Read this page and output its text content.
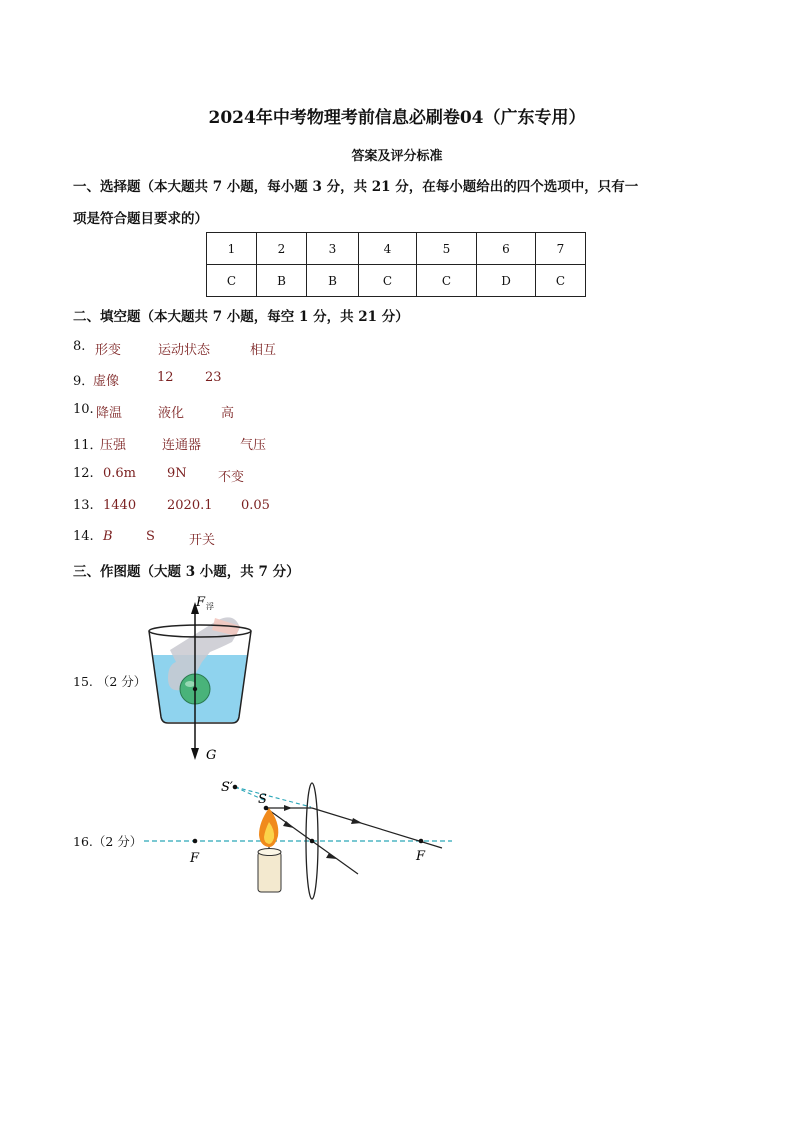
2024年中考物理考前信息必刷卷04（广东专用）
答案及评分标准
一、选择题（本大题共 7 小题，每小题 3 分，共 21 分，在每小题给出的四个选项中，只有一
项是符合题目要求的）
1	2	3	4	5	6	7
C	B	B	C	C	D	C
二、填空题（本大题共 7 小题，每空 1 分，共 21 分）
8. 形变	运动状态	相互
9．
虚像	12	23
10. 降温	液化	高
11．
压强	连通器	气压
12. 0.6m	9N	不变
13. 1440	2020.1	0.05
14. B	S	开关
三、作图题（大题 3 小题，共 7 分）
15. （2 分）
F 浮
G
16.（2 分）
S′
S
F	F
